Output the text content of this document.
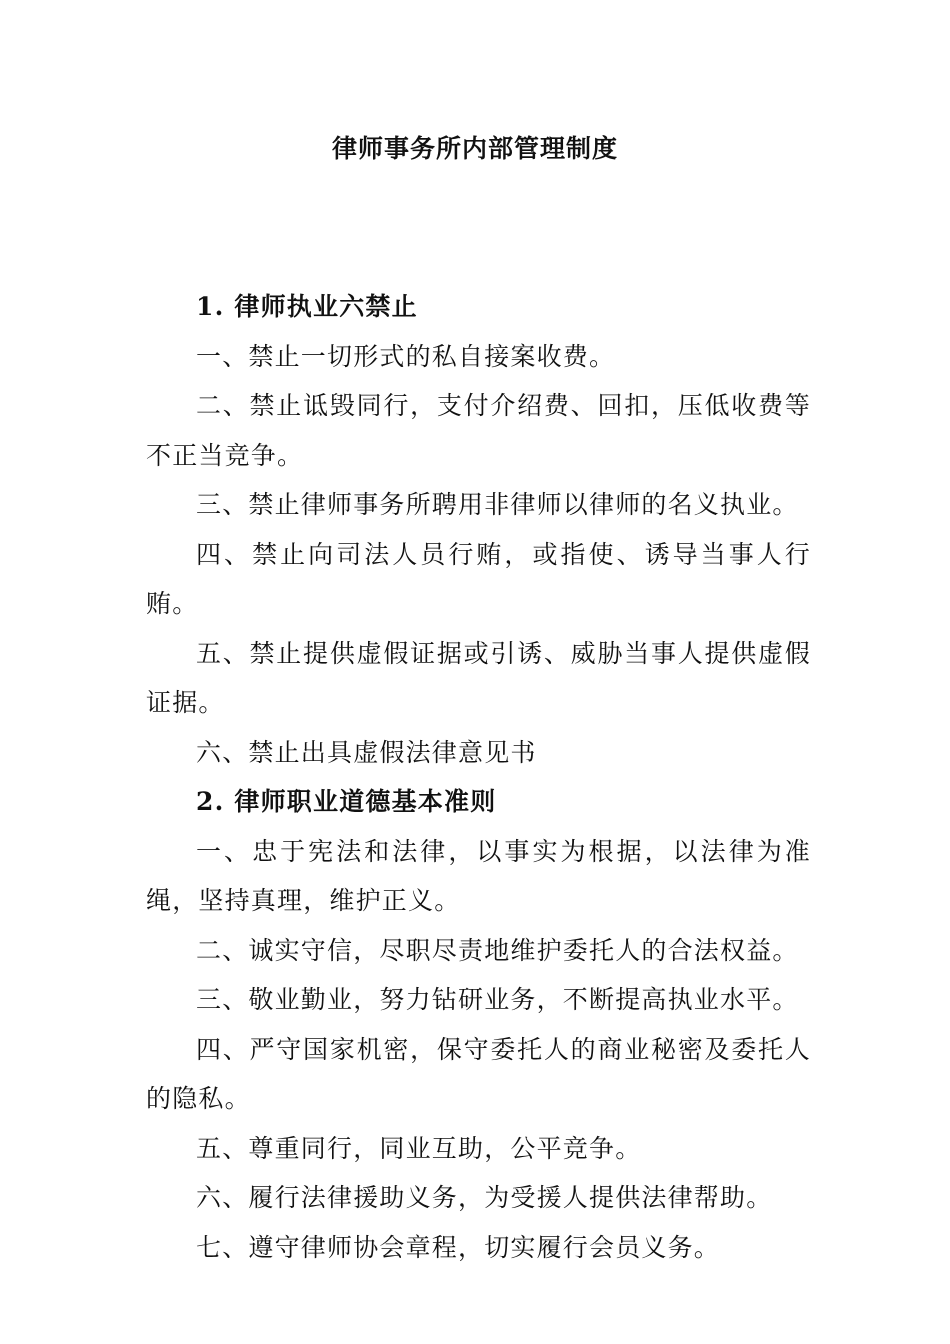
律师事务所内部管理制度

1. 律师执业六禁止

一、禁止一切形式的私自接案收费。

二、禁止诋毁同行，支付介绍费、回扣，压低收费等不正当竞争。

三、禁止律师事务所聘用非律师以律师的名义执业。

四、禁止向司法人员行贿，或指使、诱导当事人行贿。

五、禁止提供虚假证据或引诱、威胁当事人提供虚假证据。

六、禁止出具虚假法律意见书

2. 律师职业道德基本准则

一、忠于宪法和法律，以事实为根据，以法律为准绳，坚持真理，维护正义。

二、诚实守信，尽职尽责地维护委托人的合法权益。

三、敬业勤业，努力钻研业务，不断提高执业水平。

四、严守国家机密，保守委托人的商业秘密及委托人的隐私。

五、尊重同行，同业互助，公平竞争。

六、履行法律援助义务，为受援人提供法律帮助。

七、遵守律师协会章程，切实履行会员义务。
